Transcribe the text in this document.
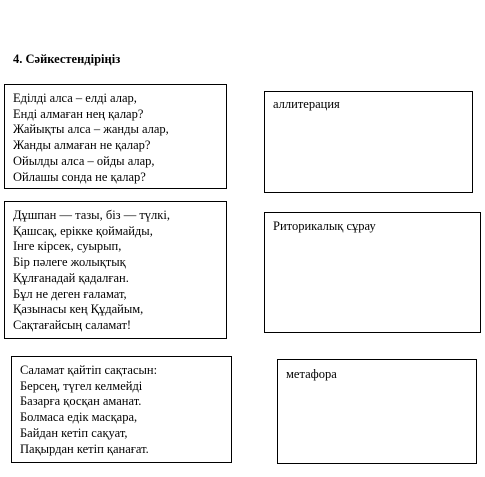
4. Сәйкестендіріңіз
Еділді алса – елді алар,
Енді алмаған нең қалар?
Жайықты алса – жанды алар,
Жанды алмаған не қалар?
Ойылды алса – ойды алар,
Ойлашы сонда не қалар?
Дұшпан — тазы, біз — түлкі,
Қашсақ, ерікке қоймайды,
Інге кірсек, суырып,
Бір пәлеге жолықтық
Құлғанадай қадалған.
Бұл не деген ғаламат,
Қазынасы кең Құдайым,
Сақтағайсың саламат!
Саламат қайтіп сақтасын:
Берсең, түгел келмейді
Базарға қосқан аманат.
Болмаса едік масқара,
Байдан кетіп сақуат,
Пақырдан кетіп қанағат.
аллитерация
Риторикалық сұрау
метафора
